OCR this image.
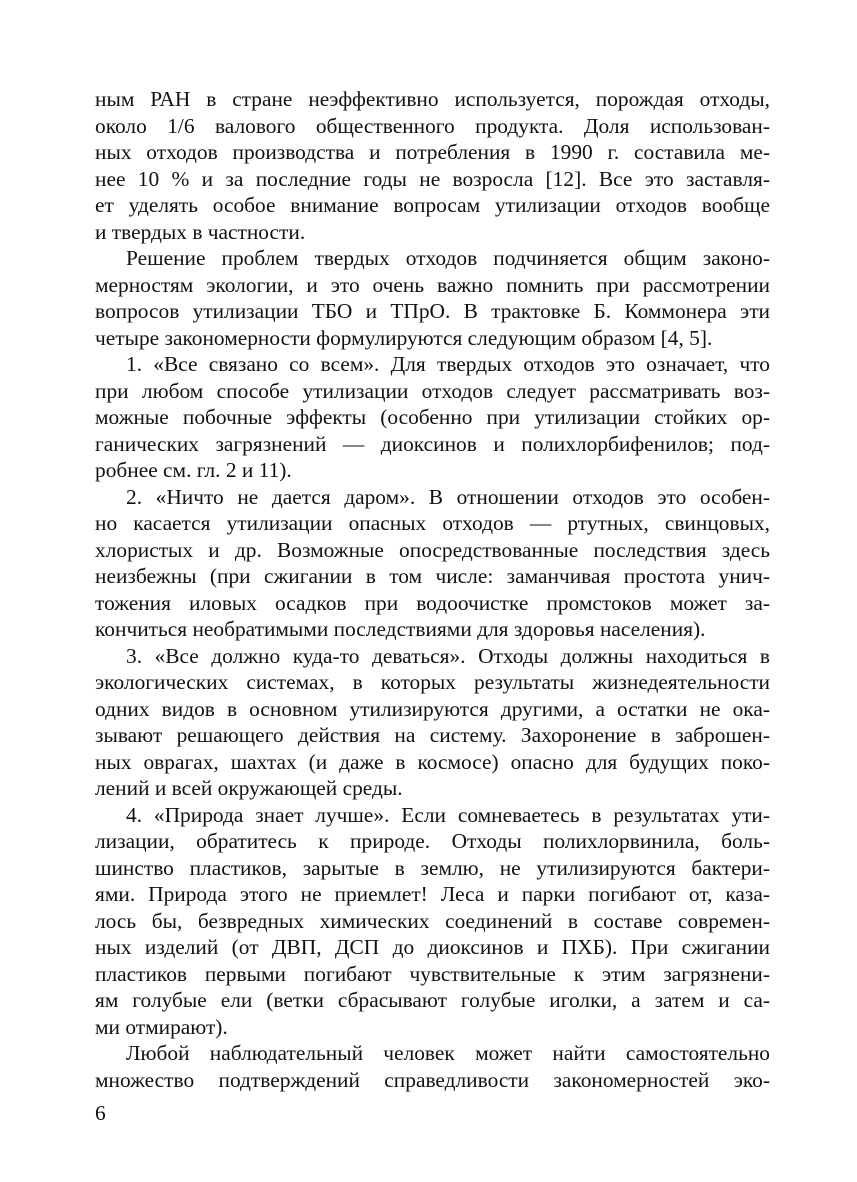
ным РАН в стране неэффективно используется, порождая отходы,
около 1/6 валового общественного продукта. Доля использован-
ных отходов производства и потребления в 1990 г. составила ме-
нее 10 % и за последние годы не возросла [12]. Все это заставля-
ет уделять особое внимание вопросам утилизации отходов вообще
и твердых в частности.
Решение проблем твердых отходов подчиняется общим законо-
мерностям экологии, и это очень важно помнить при рассмотрении
вопросов утилизации ТБО и ТПрО. В трактовке Б. Коммонера эти
четыре закономерности формулируются следующим образом [4, 5].
1. «Все связано со всем». Для твердых отходов это означает, что
при любом способе утилизации отходов следует рассматривать воз-
можные побочные эффекты (особенно при утилизации стойких ор-
ганических загрязнений — диоксинов и полихлорбифенилов; под-
робнее см. гл. 2 и 11).
2. «Ничто не дается даром». В отношении отходов это особен-
но касается утилизации опасных отходов — ртутных, свинцовых,
хлористых и др. Возможные опосредствованные последствия здесь
неизбежны (при сжигании в том числе: заманчивая простота унич-
тожения иловых осадков при водоочистке промстоков может за-
кончиться необратимыми последствиями для здоровья населения).
3. «Все должно куда-то деваться». Отходы должны находиться в
экологических системах, в которых результаты жизнедеятельности
одних видов в основном утилизируются другими, а остатки не ока-
зывают решающего действия на систему. Захоронение в заброшен-
ных оврагах, шахтах (и даже в космосе) опасно для будущих поко-
лений и всей окружающей среды.
4. «Природа знает лучше». Если сомневаетесь в результатах ути-
лизации, обратитесь к природе. Отходы полихлорвинила, боль-
шинство пластиков, зарытые в землю, не утилизируются бактери-
ями. Природа этого не приемлет! Леса и парки погибают от, каза-
лось бы, безвредных химических соединений в составе современ-
ных изделий (от ДВП, ДСП до диоксинов и ПХБ). При сжигании
пластиков первыми погибают чувствительные к этим загрязнени-
ям голубые ели (ветки сбрасывают голубые иголки, а затем и са-
ми отмирают).
Любой наблюдательный человек может найти самостоятельно
множество подтверждений справедливости закономерностей эко-
6
